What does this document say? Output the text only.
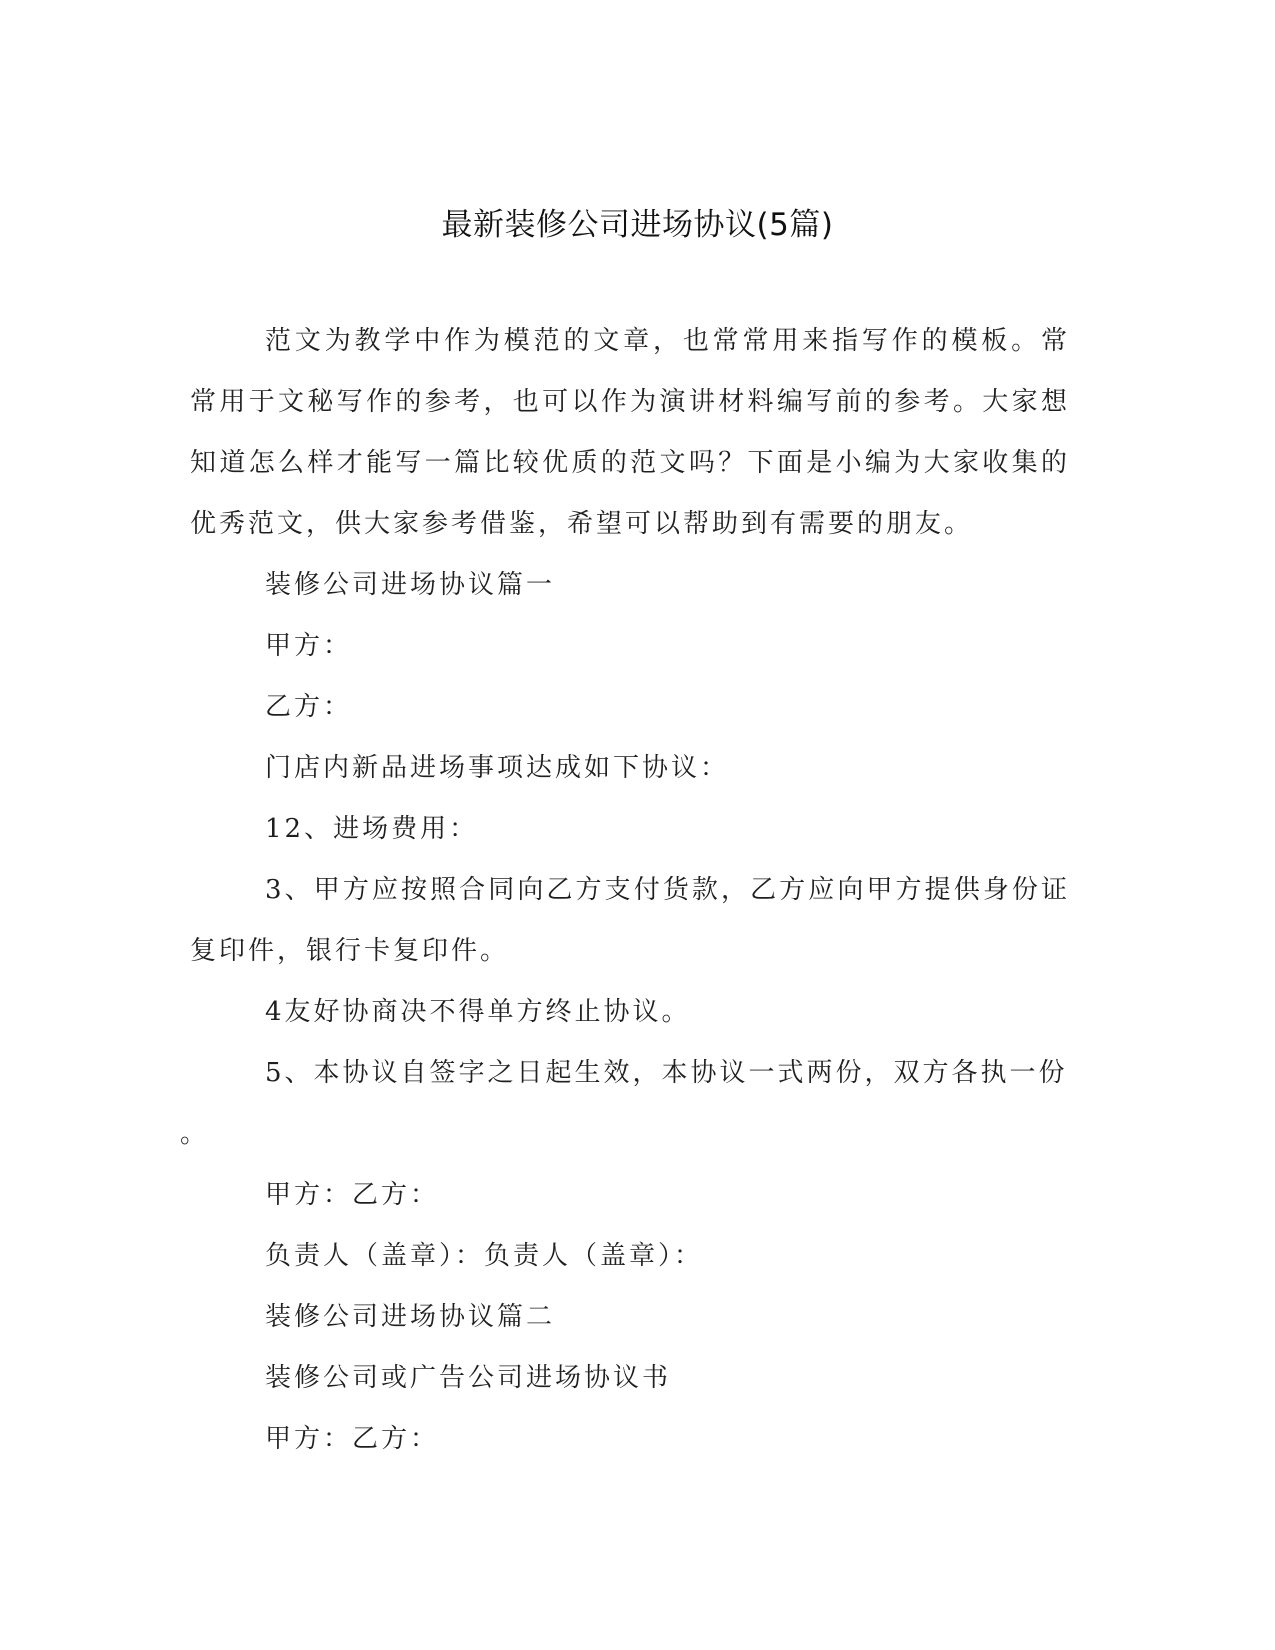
最新装修公司进场协议(5篇)

范文为教学中作为模范的文章，也常常用来指写作的模板。常常用于文秘写作的参考，也可以作为演讲材料编写前的参考。大家想知道怎么样才能写一篇比较优质的范文吗？下面是小编为大家收集的优秀范文，供大家参考借鉴，希望可以帮助到有需要的朋友。

装修公司进场协议篇一

甲方：

乙方：

门店内新品进场事项达成如下协议：

12、进场费用：

3、甲方应按照合同向乙方支付货款，乙方应向甲方提供身份证复印件，银行卡复印件。

4友好协商决不得单方终止协议。

5、本协议自签字之日起生效，本协议一式两份，双方各执一份

。

甲方：乙方：

负责人（盖章）：负责人（盖章）：

装修公司进场协议篇二

装修公司或广告公司进场协议书

甲方：乙方：
